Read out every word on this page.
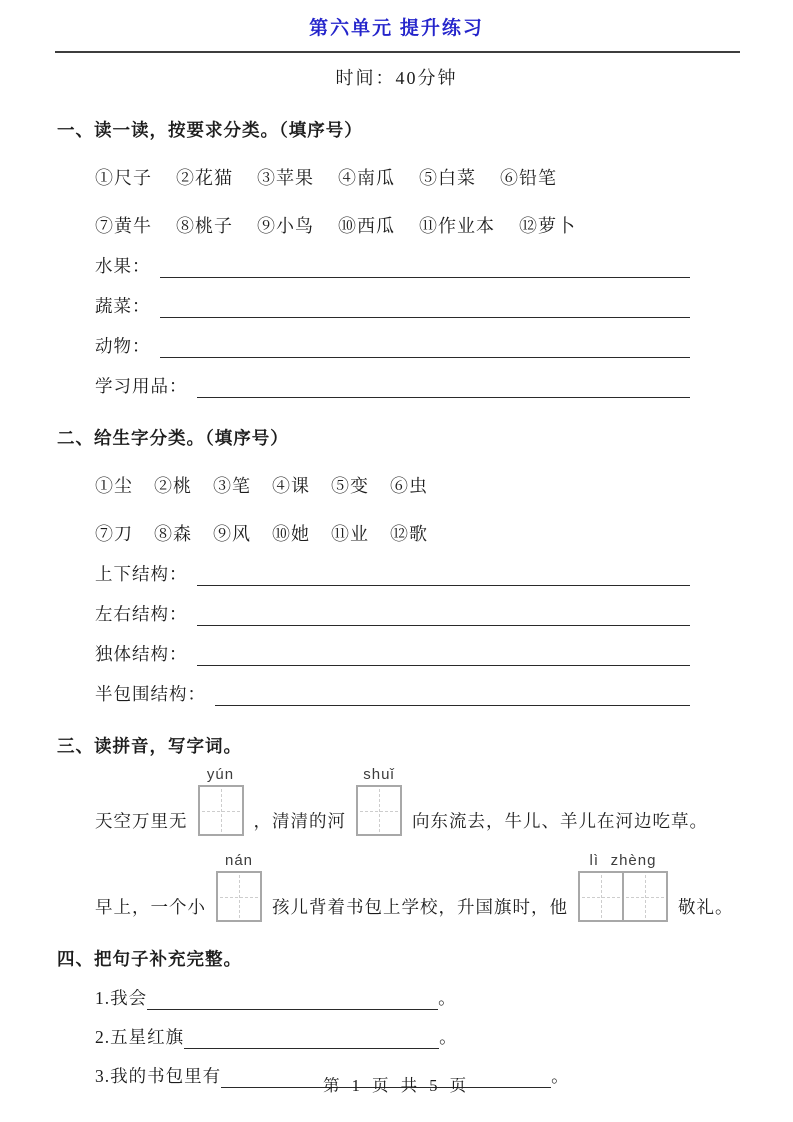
第六单元 提升练习
时间：40分钟
一、读一读，按要求分类。（填序号）
①尺子 ②花猫 ③苹果 ④南瓜 ⑤白菜 ⑥铅笔
⑦黄牛 ⑧桃子 ⑨小鸟 ⑩西瓜 ⑪作业本 ⑫萝卜
水果：
蔬菜：
动物：
学习用品：
二、给生字分类。（填序号）
①尘 ②桃 ③笔 ④课 ⑤变 ⑥虫
⑦刀 ⑧森 ⑨风 ⑩她 ⑪业 ⑫歌
上下结构：
左右结构：
独体结构：
半包围结构：
三、读拼音，写字词。
天空万里无
yún
，清清的河
shuǐ
向东流去，牛儿、羊儿在河边吃草。
早上，一个小
nán
孩儿背着书包上学校，升国旗时，他
lì zhèng
敬礼。
四、把句子补充完整。
1.我会	。
2.五星红旗	。
3.我的书包里有	。
第 1 页 共 5 页
